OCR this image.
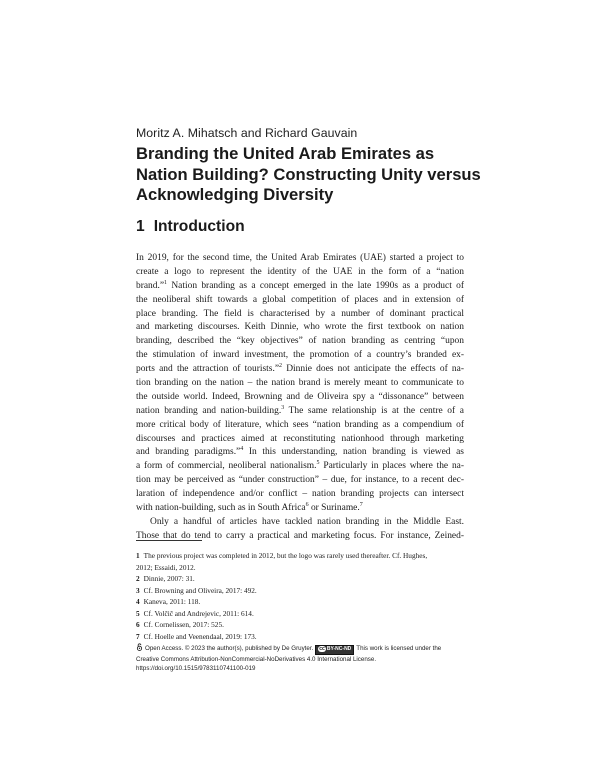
Moritz A. Mihatsch and Richard Gauvain
Branding the United Arab Emirates as
Nation Building? Constructing Unity versus
Acknowledging Diversity
1 Introduction
In 2019, for the second time, the United Arab Emirates (UAE) started a project to
create a logo to represent the identity of the UAE in the form of a “nation
brand.”$^1$ Nation branding as a concept emerged in the late 1990s as a product of
the neoliberal shift towards a global competition of places and in extension of
place branding. The field is characterised by a number of dominant practical
and marketing discourses. Keith Dinnie, who wrote the first textbook on nation
branding, described the “key objectives” of nation branding as centring “upon
the stimulation of inward investment, the promotion of a country’s branded ex-
ports and the attraction of tourists.”$^2$ Dinnie does not anticipate the effects of na-
tion branding on the nation – the nation brand is merely meant to communicate to
the outside world. Indeed, Browning and de Oliveira spy a “dissonance” between
nation branding and nation-building.$^3$ The same relationship is at the centre of a
more critical body of literature, which sees “nation branding as a compendium of
discourses and practices aimed at reconstituting nationhood through marketing
and branding paradigms.”$^4$ In this understanding, nation branding is viewed as
a form of commercial, neoliberal nationalism.$^5$ Particularly in places where the na-
tion may be perceived as “under construction” – due, for instance, to a recent dec-
laration of independence and/or conflict – nation branding projects can intersect
with nation-building, such as in South Africa$^6$ or Suriname.$^7$
Only a handful of articles have tackled nation branding in the Middle East.
Those that do tend to carry a practical and marketing focus. For instance, Zeined-
1 The previous project was completed in 2012, but the logo was rarely used thereafter. Cf. Hughes,
2012; Essaidi, 2012.
2 Dinnie, 2007: 31.
3 Cf. Browning and Oliveira, 2017: 492.
4 Kaneva, 2011: 118.
5 Cf. Volčič and Andrejevic, 2011: 614.
6 Cf. Cornelissen, 2017: 525.
7 Cf. Hoelle and Veenendaal, 2019: 173.
Open Access. © 2023 the author(s), published by De Gruyter. cc BY-NC-ND This work is licensed under the
Creative Commons Attribution-NonCommercial-NoDerivatives 4.0 International License.
https://doi.org/10.1515/9783110741100-019
